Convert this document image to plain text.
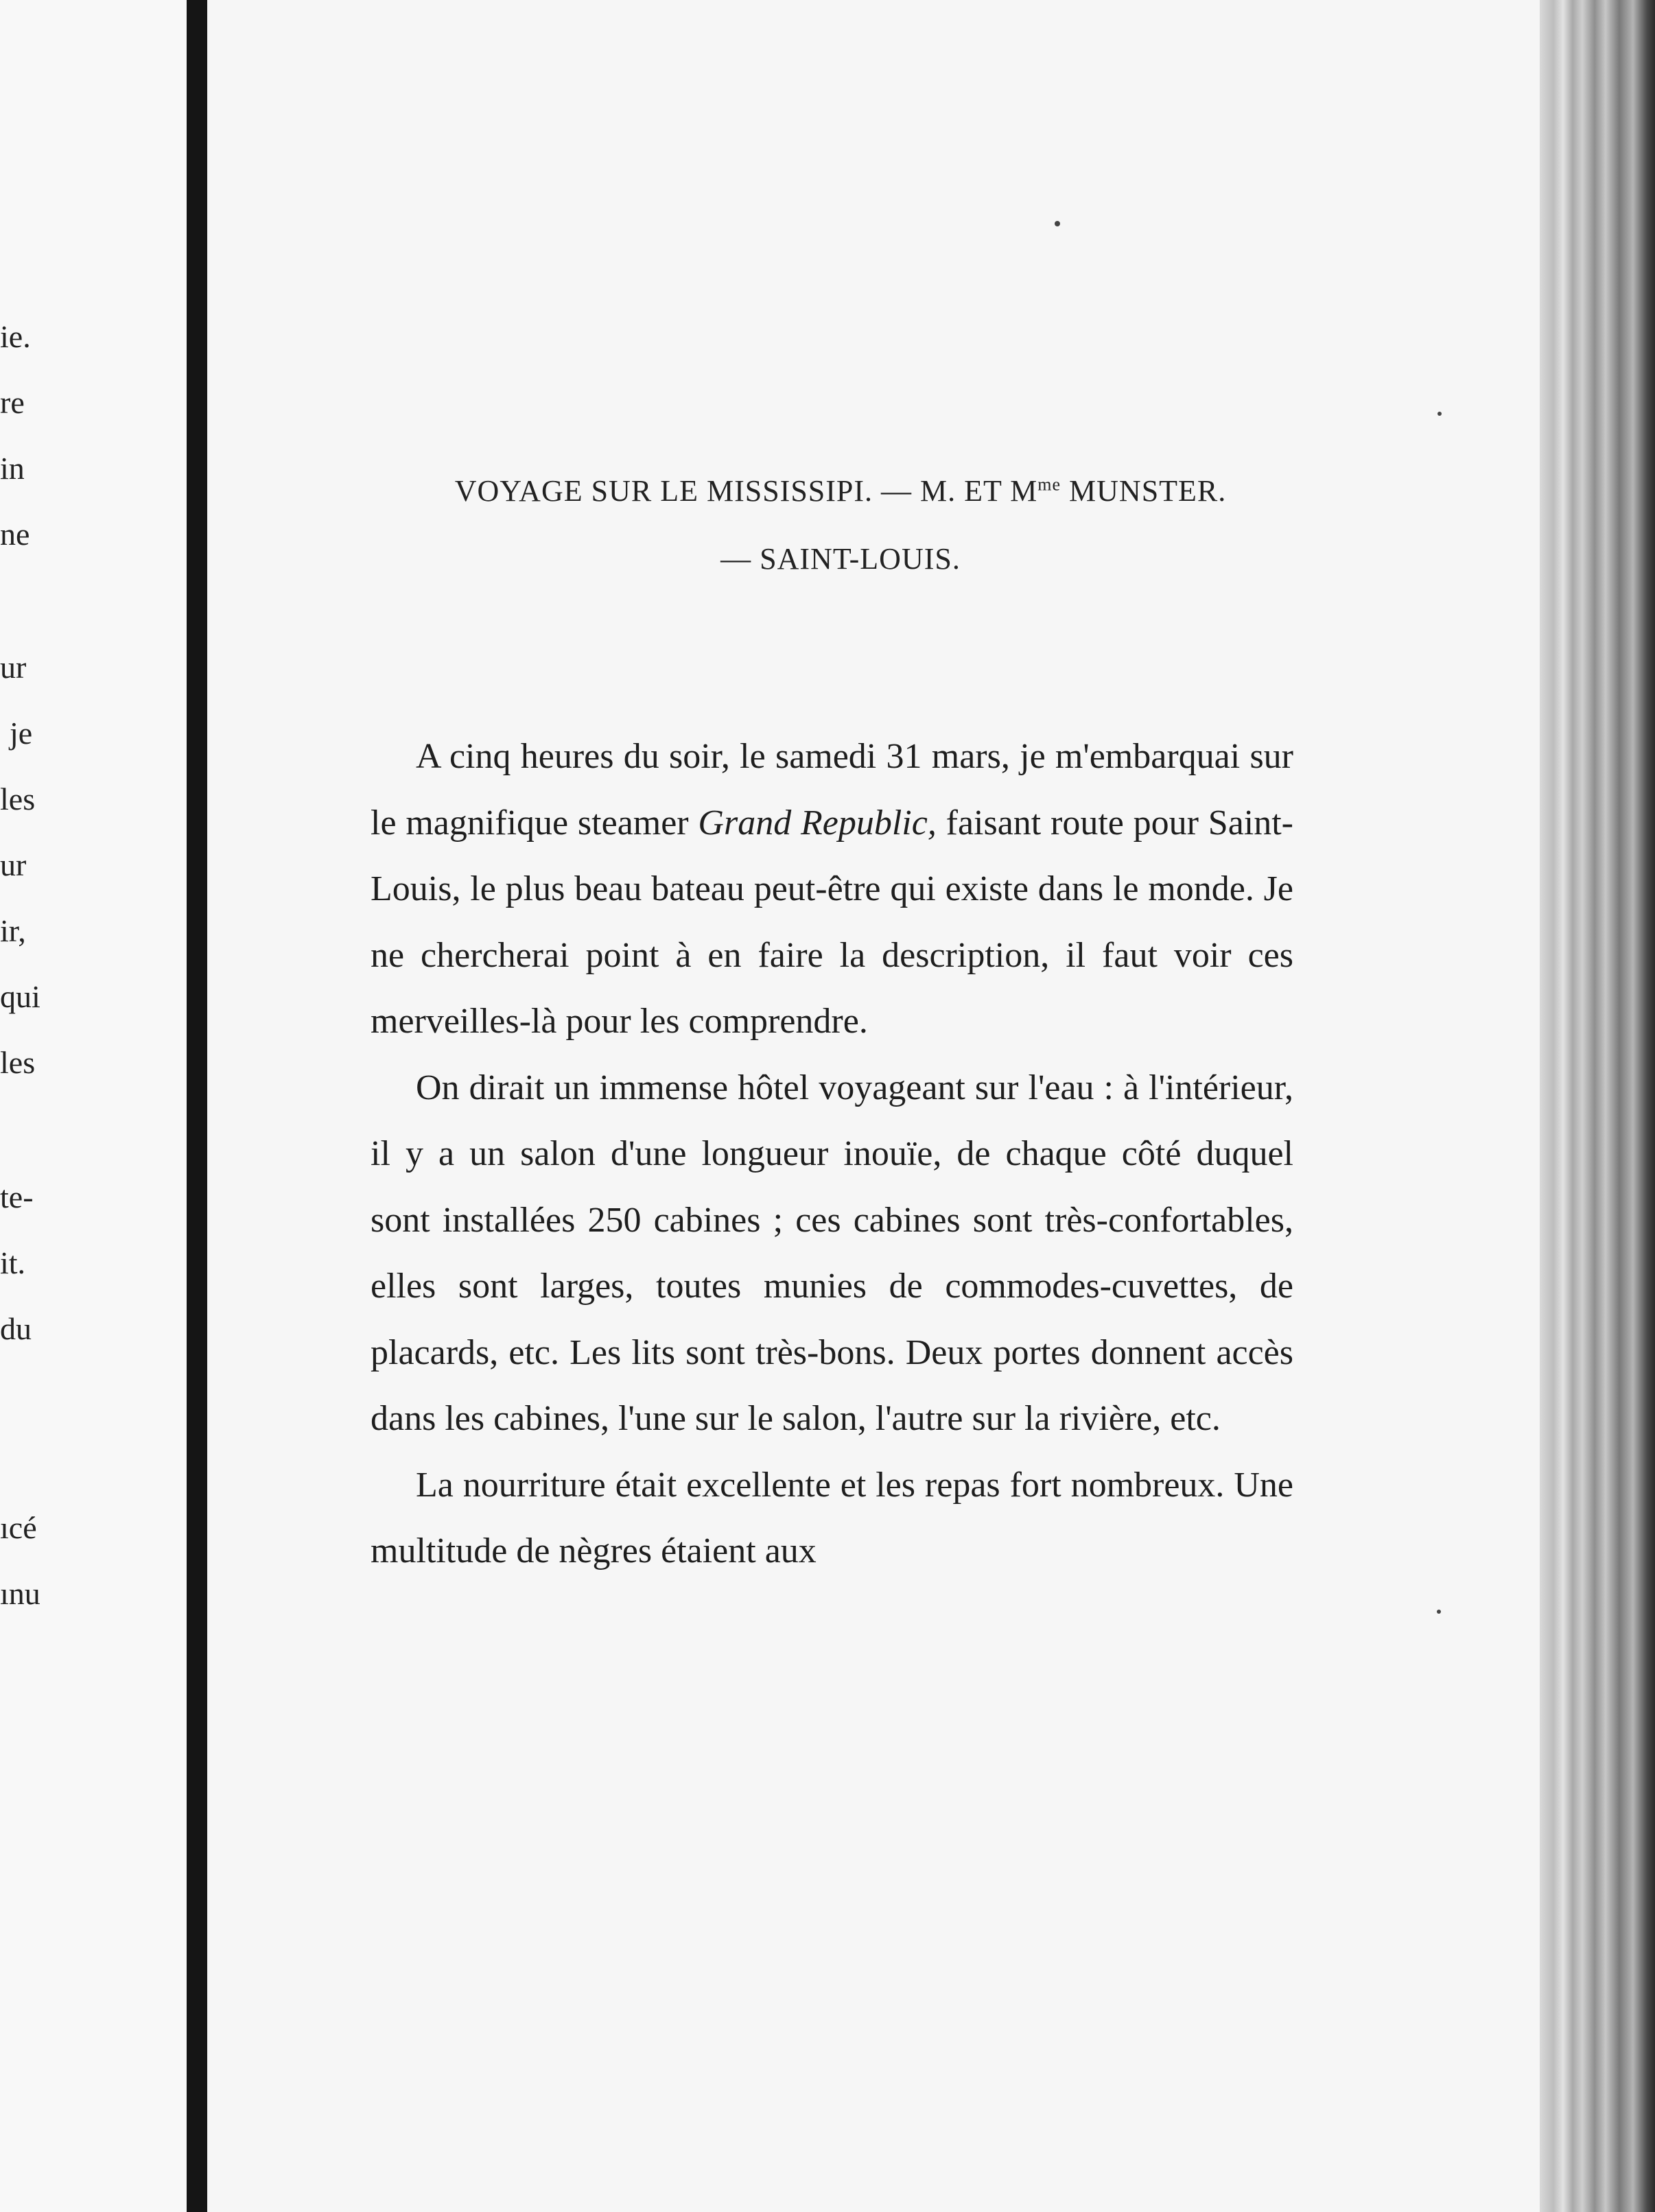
ie.
re
in
ne
ur
je
les
ur
ir,
qui
les
te-
it.
du
ıcé
ınu
VOYAGE SUR LE MISSISSIPI. — M. ET $M^{me}$ MUNSTER.
— SAINT-LOUIS.

A cinq heures du soir, le samedi 31 mars, je m'embarquai sur le magnifique steamer Grand Republic, faisant route pour Saint-Louis, le plus beau bateau peut-être qui existe dans le monde. Je ne chercherai point à en faire la description, il faut voir ces merveilles-là pour les comprendre.

On dirait un immense hôtel voyageant sur l'eau : à l'intérieur, il y a un salon d'une longueur inouïe, de chaque côté duquel sont installées 250 cabines ; ces cabines sont très-confortables, elles sont larges, toutes munies de commodes-cuvettes, de placards, etc. Les lits sont très-bons. Deux portes donnent accès dans les cabines, l'une sur le salon, l'autre sur la rivière, etc.

La nourriture était excellente et les repas fort nombreux. Une multitude de nègres étaient aux
